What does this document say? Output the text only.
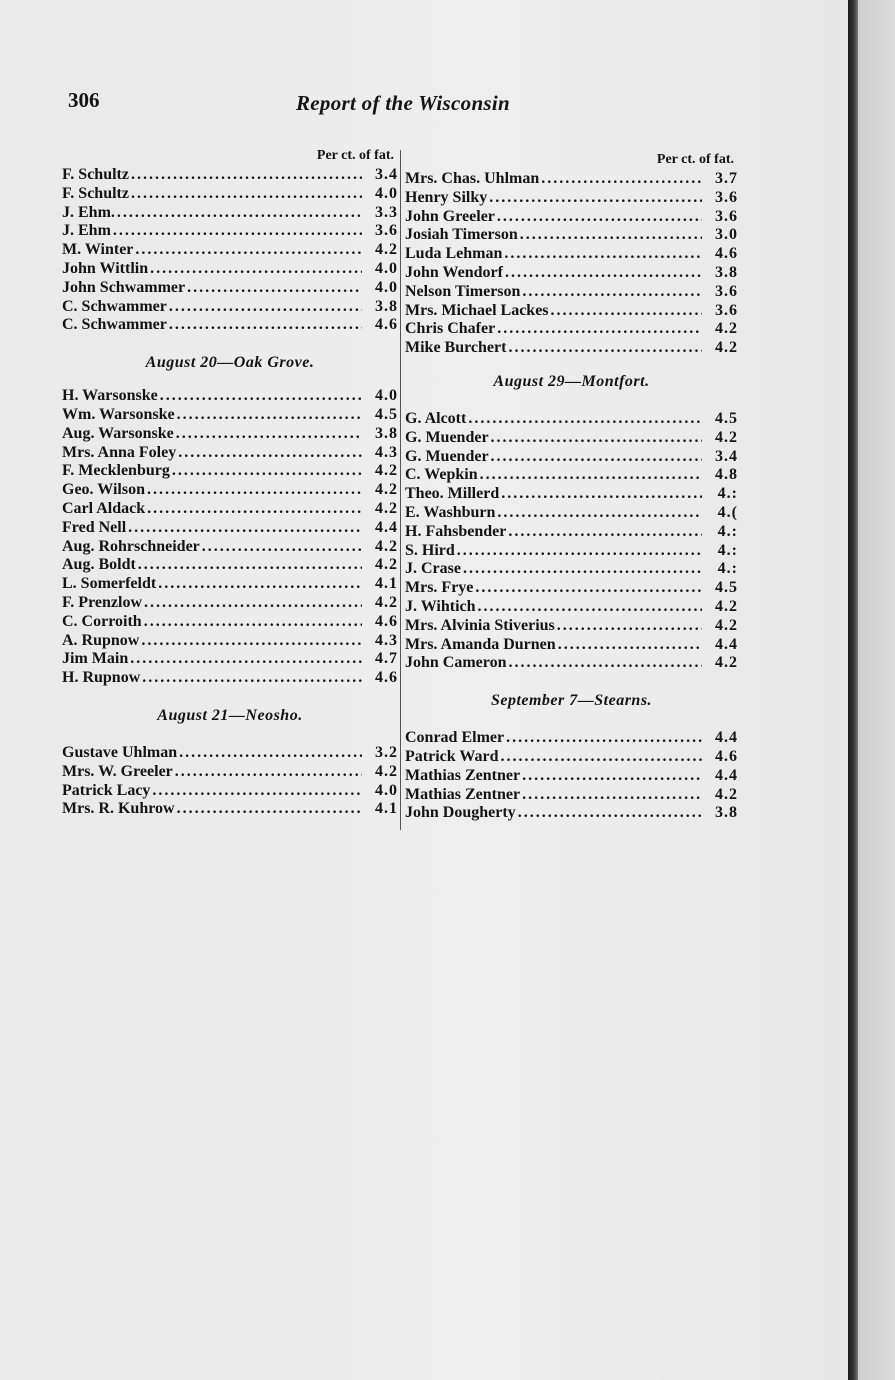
306	Report of the Wisconsin
Per ct. of fat.
F. Schultz .....	3.4
F. Schultz .....	4.0
J. Ehm. .....	3.3
J. Ehm .....	3.6
M. Winter .....	4.2
John Wittlin .....	4.0
John Schwammer .....	4.0
C. Schwammer .....	3.8
C. Schwammer .....	4.6
August 20—Oak Grove.
H. Warsonske .....	4.0
Wm. Warsonske .....	4.5
Aug. Warsonske .....	3.8
Mrs. Anna Foley .....	4.3
F. Mecklenburg .....	4.2
Geo. Wilson .....	4.2
Carl Aldack .....	4.2
Fred Nell .....	4.4
Aug. Rohrschneider .....	4.2
Aug. Boldt .....	4.2
L. Somerfeldt .....	4.1
F. Prenzlow .....	4.2
C. Corroith .....	4.6
A. Rupnow .....	4.3
Jim Main .....	4.7
H. Rupnow .....	4.6
August 21—Neosho.
Gustave Uhlman .....	3.2
Mrs. W. Greeler .....	4.2
Patrick Lacy .....	4.0
Mrs. R. Kuhrow .....	4.1
Per ct. of fat.
Mrs. Chas. Uhlman .....	3.7
Henry Silky .....	3.6
John Greeler .....	3.6
Josiah Timerson .....	3.0
Luda Lehman .....	4.6
John Wendorf .....	3.8
Nelson Timerson .....	3.6
Mrs. Michael Lackes .....	3.6
Chris Chafer .....	4.2
Mike Burchert .....	4.2
August 29—Montfort.
G. Alcott .....	4.5
G. Muender .....	4.2
G. Muender .....	3.4
C. Wepkin .....	4.8
Theo. Millerd .....	4.:
E. Washburn .....	4.(
H. Fahsbender .....	4.:
S. Hird .....	4.:
J. Crase .....	4.:
Mrs. Frye .....	4.5
J. Wihtich .....	4.2
Mrs. Alvinia Stiverius .....	4.2
Mrs. Amanda Durnen .....	4.4
John Cameron .....	4.2
September 7—Stearns.
Conrad Elmer .....	4.4
Patrick Ward .....	4.6
Mathias Zentner .....	4.4
Mathias Zentner .....	4.2
John Dougherty .....	3.8
